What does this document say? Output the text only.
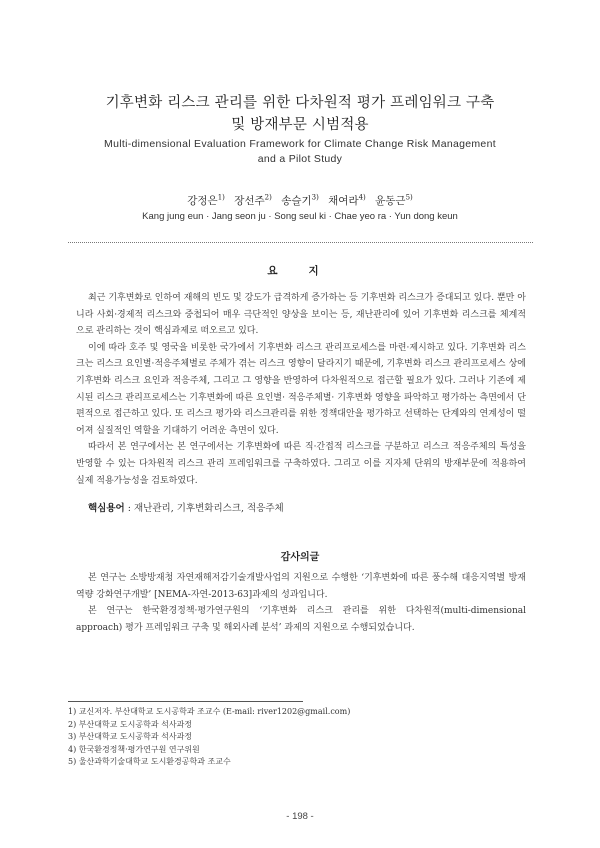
기후변화 리스크 관리를 위한 다차원적 평가 프레임워크 구축
및 방재부문 시범적용
Multi-dimensional Evaluation Framework for Climate Change Risk Management
and a Pilot Study
강정은$^{1)}$ 장선주$^{2)}$ 송슬기$^{3)}$ 채여라$^{4)}$ 윤동근$^{5)}$
Kang jung eun · Jang seon ju · Song seul ki · Chae yeo ra · Yun dong keun
요 지

최근 기후변화로 인하여 재해의 빈도 및 강도가 급격하게 증가하는 등 기후변화 리스크가 증대되고 있다. 뿐만 아니라 사회·경제적 리스크와 중첩되어 매우 극단적인 양상을 보이는 등, 재난관리에 있어 기후변화 리스크를 체계적으로 관리하는 것이 핵심과제로 떠오르고 있다.

이에 따라 호주 및 영국을 비롯한 국가에서 기후변화 리스크 관리프로세스를 마련·제시하고 있다. 기후변화 리스크는 리스크 요인별·적응주체별로 주체가 겪는 리스크 영향이 달라지기 때문에, 기후변화 리스크 관리프로세스 상에 기후변화 리스크 요인과 적응주체, 그리고 그 영향을 반영하여 다차원적으로 접근할 필요가 있다. 그러나 기존에 제시된 리스크 관리프로세스는 기후변화에 따른 요인별· 적응주체별· 기후변화 영향을 파악하고 평가하는 측면에서 단편적으로 접근하고 있다. 또 리스크 평가와 리스크관리를 위한 정책대안을 평가하고 선택하는 단계와의 연계성이 떨어져 실질적인 역할을 기대하기 어려운 측면이 있다.

따라서 본 연구에서는 본 연구에서는 기후변화에 따른 직·간접적 리스크를 구분하고 리스크 적응주체의 특성을 반영할 수 있는 다차원적 리스크 관리 프레임워크를 구축하였다. 그리고 이를 지자체 단위의 방재부문에 적용하여 실제 적용가능성을 검토하였다.

핵심용어 : 재난관리, 기후변화리스크, 적응주체
감사의글

본 연구는 소방방재청 자연재해저감기술개발사업의 지원으로 수행한 ‘기후변화에 따른 풍수해 대응지역별 방재역량 강화연구개발’ [NEMA-자연-2013-63]과제의 성과입니다.

본 연구는 한국환경정책·평가연구원의 ‘기후변화 리스크 관리를 위한 다차원적(multi-dimensional approach) 평가 프레임워크 구축 및 해외사례 분석’ 과제의 지원으로 수행되었습니다.

1) 교신저자. 부산대학교 도시공학과 조교수 (E-mail: river1202@gmail.com)
2) 부산대학교 도시공학과 석사과정
3) 부산대학교 도시공학과 석사과정
4) 한국환경정책·평가연구원 연구위원
5) 울산과학기술대학교 도시환경공학과 조교수
- 198 -
